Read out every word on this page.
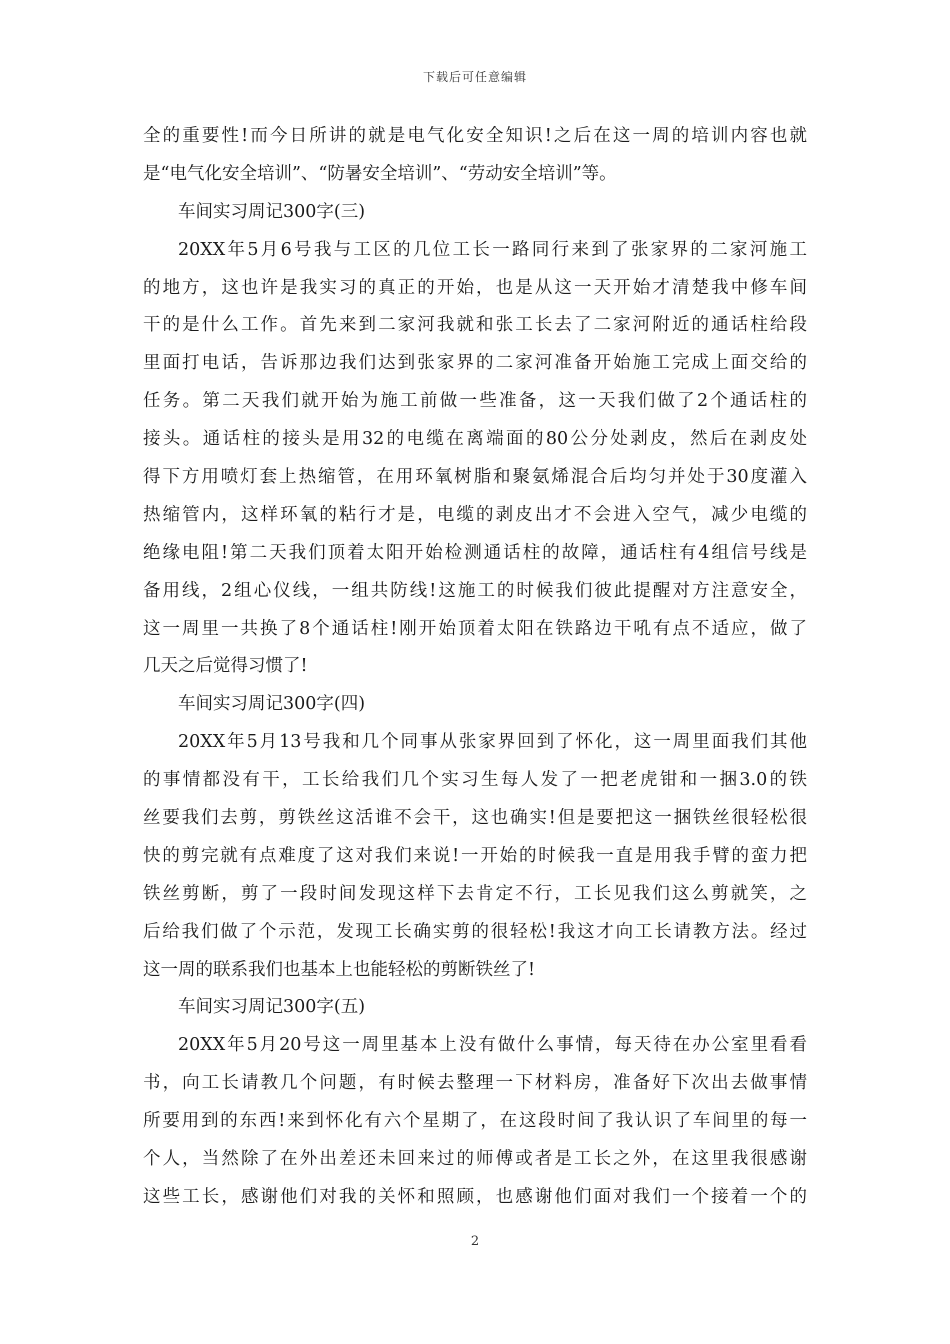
下载后可任意编辑
全的重要性!而今日所讲的就是电气化安全知识!之后在这一周的培训内容也就
是“电气化安全培训”、“防暑安全培训”、“劳动安全培训”等。
车间实习周记300字(三)
20XX年5月6号我与工区的几位工长一路同行来到了张家界的二家河施工
的地方，这也许是我实习的真正的开始，也是从这一天开始才清楚我中修车间
干的是什么工作。首先来到二家河我就和张工长去了二家河附近的通话柱给段
里面打电话，告诉那边我们达到张家界的二家河准备开始施工完成上面交给的
任务。第二天我们就开始为施工前做一些准备，这一天我们做了2个通话柱的
接头。通话柱的接头是用32的电缆在离端面的80公分处剥皮，然后在剥皮处
得下方用喷灯套上热缩管，在用环氧树脂和聚氨烯混合后均匀并处于30度灌入
热缩管内，这样环氧的粘行才是，电缆的剥皮出才不会进入空气，减少电缆的
绝缘电阻!第二天我们顶着太阳开始检测通话柱的故障，通话柱有4组信号线是
备用线，2组心仪线，一组共防线!这施工的时候我们彼此提醒对方注意安全，
这一周里一共换了8个通话柱!刚开始顶着太阳在铁路边干吼有点不适应，做了
几天之后觉得习惯了!
车间实习周记300字(四)
20XX年5月13号我和几个同事从张家界回到了怀化，这一周里面我们其他
的事情都没有干，工长给我们几个实习生每人发了一把老虎钳和一捆3.0的铁
丝要我们去剪，剪铁丝这活谁不会干，这也确实!但是要把这一捆铁丝很轻松很
快的剪完就有点难度了这对我们来说!一开始的时候我一直是用我手臂的蛮力把
铁丝剪断，剪了一段时间发现这样下去肯定不行，工长见我们这么剪就笑，之
后给我们做了个示范，发现工长确实剪的很轻松!我这才向工长请教方法。经过
这一周的联系我们也基本上也能轻松的剪断铁丝了!
车间实习周记300字(五)
20XX年5月20号这一周里基本上没有做什么事情，每天待在办公室里看看
书，向工长请教几个问题，有时候去整理一下材料房，准备好下次出去做事情
所要用到的东西!来到怀化有六个星期了，在这段时间了我认识了车间里的每一
个人，当然除了在外出差还未回来过的师傅或者是工长之外，在这里我很感谢
这些工长，感谢他们对我的关怀和照顾，也感谢他们面对我们一个接着一个的
2
